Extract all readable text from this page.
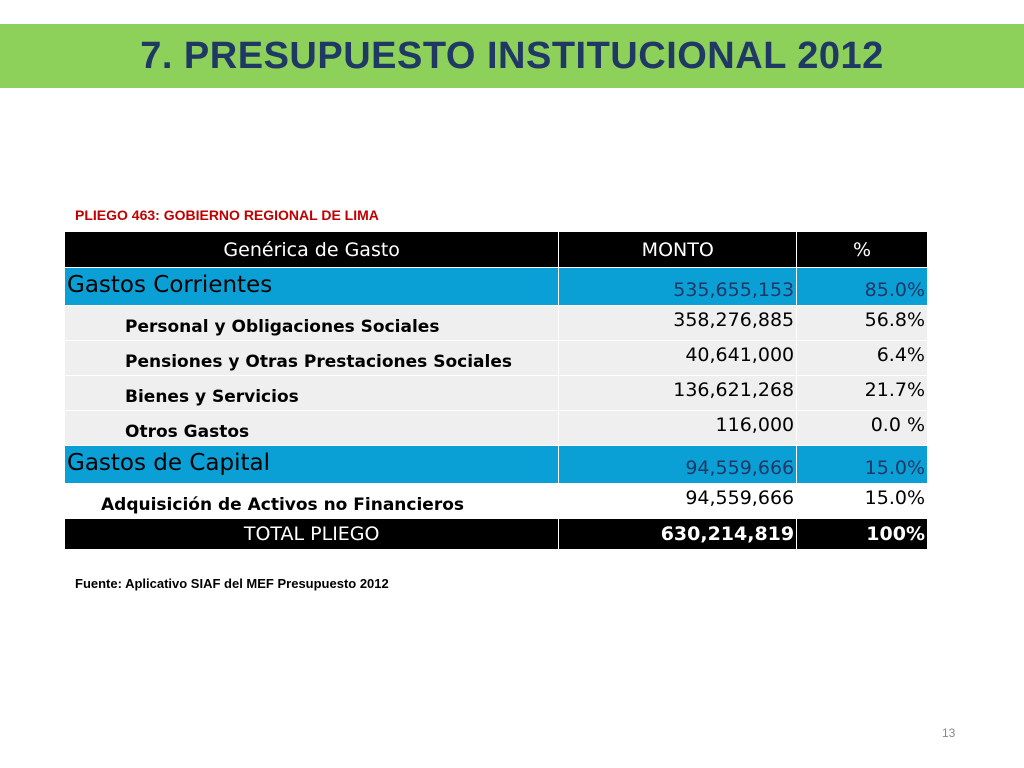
7. PRESUPUESTO INSTITUCIONAL 2012
PLIEGO 463: GOBIERNO REGIONAL DE LIMA
Genérica de Gasto	MONTO	%
Gastos Corrientes	535,655,153	85.0%
Personal y Obligaciones Sociales	358,276,885	56.8%
Pensiones y Otras Prestaciones Sociales	40,641,000	6.4%
Bienes y Servicios	136,621,268	21.7%
Otros Gastos	116,000	0.0 %
Gastos de Capital	94,559,666	15.0%
Adquisición de Activos no Financieros	94,559,666	15.0%
TOTAL PLIEGO	630,214,819	100%
Fuente: Aplicativo SIAF del MEF Presupuesto 2012
13
